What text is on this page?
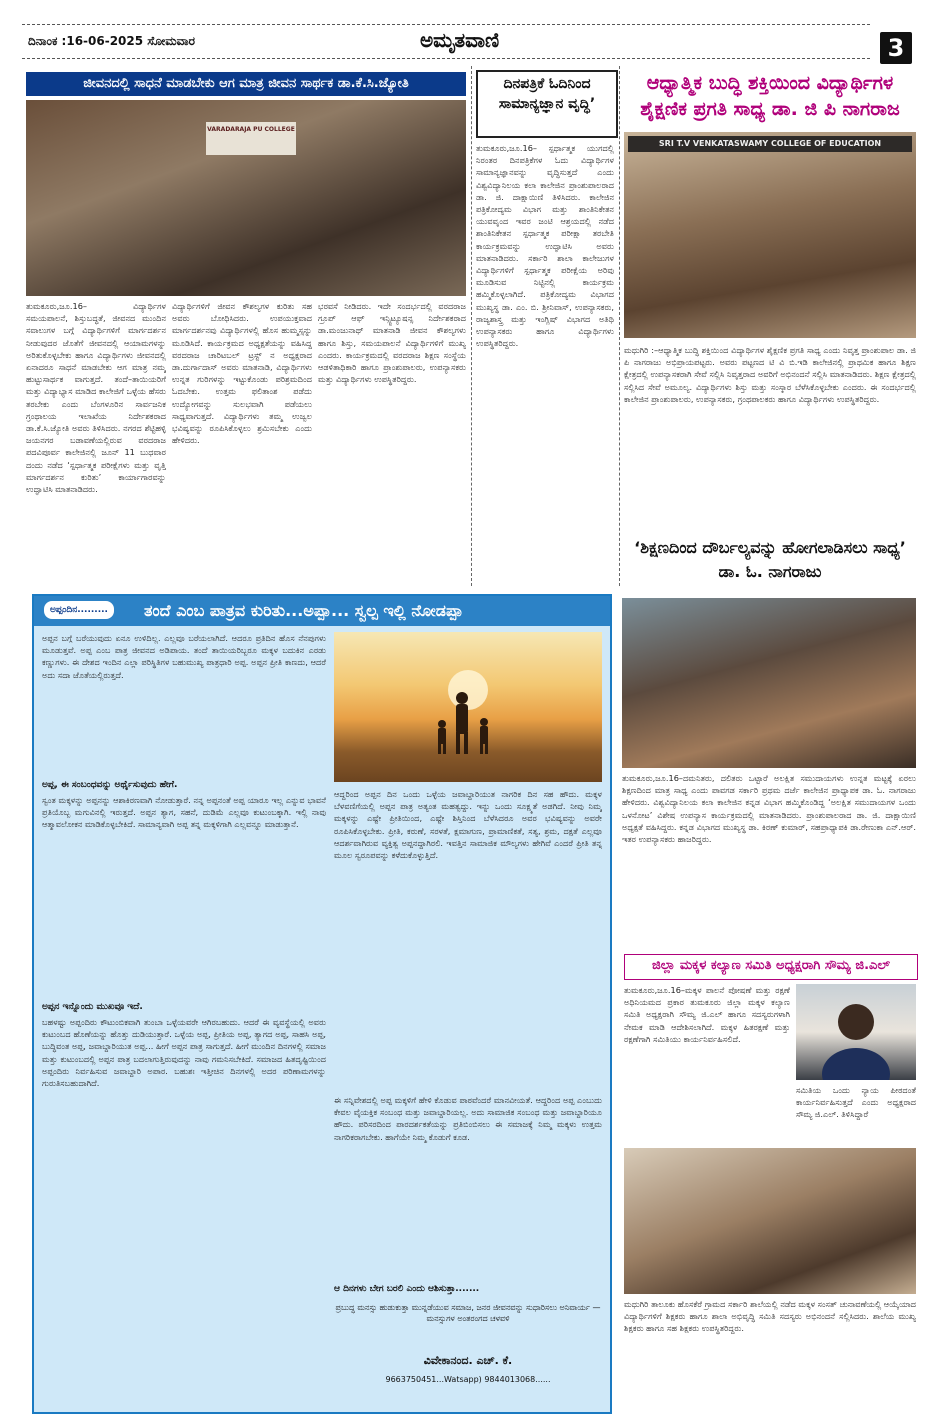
ದಿನಾಂಕ :16-06-2025 ಸೋಮವಾರ	ಅಮೃತವಾಣಿ	3
ಜೀವನದಲ್ಲಿ ಸಾಧನೆ ಮಾಡಬೇಕು ಆಗ ಮಾತ್ರ ಜೀವನ ಸಾರ್ಥಕ ಡಾ.ಕೆ.ಸಿ.ಜ್ಯೋತಿ
VARADARAJA PU COLLEGE
ತುಮಕೂರು,ಜೂ.16– ವಿದ್ಯಾರ್ಥಿಗಳ ಸಮಯಪಾಲನೆ, ಶಿಸ್ತುಬದ್ಧತೆ, ಜೀವನದ ಮುಂದಿನ ಸವಾಲುಗಳ ಬಗ್ಗೆ ವಿದ್ಯಾರ್ಥಿಗಳಿಗೆ ಮಾರ್ಗದರ್ಶನ ನೀಡುವುದರ ಜೊತೆಗೆ ಜೀವನದಲ್ಲಿ ಆಯಾಮಗಳನ್ನು ಅರಿತುಕೊಳ್ಳಬೇಕು ಹಾಗೂ ವಿದ್ಯಾರ್ಥಿಗಳು ಜೀವನದಲ್ಲಿ ಏನಾದರೂ ಸಾಧನೆ ಮಾಡಬೇಕು ಆಗ ಮಾತ್ರ ನಮ್ಮ ಹುಟ್ಟುಸಾರ್ಥಕ ವಾಗುತ್ತದೆ. ತಂದೆ–ತಾಯಿಯರಿಗೆ ಮತ್ತು ವಿದ್ಯಾಭ್ಯಾಸ ಮಾಡಿದ ಕಾಲೇಜಿಗೆ ಒಳ್ಳೆಯ ಹೆಸರು ತರಬೇಕು ಎಂದು ಬೆಂಗಳೂರಿನ ಸಾರ್ವಜನಿಕ ಗ್ರಂಥಾಲಯ ಇಲಾಖೆಯ ನಿರ್ದೇಶಕರಾದ ಡಾ.ಕೆ.ಸಿ.ಜ್ಯೋತಿ ಅವರು ತಿಳಿಸಿದರು. ನಗರದ ಶೆಟ್ಟಿಹಳ್ಳಿ ಜಯನಗರ ಬಡಾವಣೆಯಲ್ಲಿರುವ ವರದರಾಜ ಪದವಿಪೂರ್ವ ಕಾಲೇಜಿನಲ್ಲಿ ಜೂನ್ 11 ಬುಧವಾರ ದಂದು ನಡೆದ ‘ಸ್ಪರ್ಧಾತ್ಮಕ ಪರೀಕ್ಷೆಗಳು ಮತ್ತು ವೃತ್ತಿ ಮಾರ್ಗದರ್ಶನ ಕುರಿತು’ ಕಾರ್ಯಾಗಾರವನ್ನು ಉದ್ಘಾಟಿಸಿ ಮಾತನಾಡಿದರು.
ವಿದ್ಯಾರ್ಥಿಗಳಿಗೆ ಜೀವನ ಕೌಶಲ್ಯಗಳ ಕುರಿತು ಸಹ ಅವರು ಬೋಧಿಸಿದರು. ಉಪಯುಕ್ತವಾದ ಮಾರ್ಗದರ್ಶನವು ವಿದ್ಯಾರ್ಥಿಗಳಲ್ಲಿ ಹೊಸ ಹುಮ್ಮಸ್ಸನ್ನು ಮೂಡಿಸಿದೆ. ಕಾರ್ಯಕ್ರಮದ ಅಧ್ಯಕ್ಷತೆಯನ್ನು ವಹಿಸಿದ್ದ ವರದರಾಜ ಚಾರಿಟಬಲ್ ಟ್ರಸ್ಟ್ ನ ಅಧ್ಯಕ್ಷರಾದ ಡಾ.ದುರ್ಗಾದಾಸ್ ಅವರು ಮಾತನಾಡಿ, ವಿದ್ಯಾರ್ಥಿಗಳು ಉನ್ನತ ಗುರಿಗಳನ್ನು ಇಟ್ಟುಕೊಂಡು ಪರಿಶ್ರಮದಿಂದ ಓದಬೇಕು. ಉತ್ತಮ ಫಲಿತಾಂಶ ಪಡೆದು ಉದ್ಯೋಗವನ್ನು ಸುಲಭವಾಗಿ ಪಡೆಯಲು ಸಾಧ್ಯವಾಗುತ್ತದೆ. ವಿದ್ಯಾರ್ಥಿಗಳು ತಮ್ಮ ಉಜ್ವಲ ಭವಿಷ್ಯವನ್ನು ರೂಪಿಸಿಕೊಳ್ಳಲು ಶ್ರಮಿಸಬೇಕು ಎಂದು ಹೇಳಿದರು.
ಭರವಸೆ ನೀಡಿದರು. ಇದೇ ಸಂದರ್ಭದಲ್ಲಿ ವರದರಾಜ ಗ್ರೂಪ್ ಆಫ್ ಇನ್ಸ್ಟಿಟ್ಯೂಷನ್ಸ ನಿರ್ದೇಶಕರಾದ ಡಾ.ಮಂಜುನಾಥ್ ಮಾತನಾಡಿ ಜೀವನ ಕೌಶಲ್ಯಗಳು ಹಾಗೂ ಶಿಸ್ತು, ಸಮಯಪಾಲನೆ ವಿದ್ಯಾರ್ಥಿಗಳಿಗೆ ಮುಖ್ಯ ಎಂದರು. ಕಾರ್ಯಕ್ರಮದಲ್ಲಿ ವರದರಾಜ ಶಿಕ್ಷಣ ಸಂಸ್ಥೆಯ ಆಡಳಿತಾಧಿಕಾರಿ ಹಾಗೂ ಪ್ರಾಂಶುಪಾಲರು, ಉಪನ್ಯಾಸಕರು ಮತ್ತು ವಿದ್ಯಾರ್ಥಿಗಳು ಉಪಸ್ಥಿತರಿದ್ದರು.
ದಿನಪತ್ರಿಕೆ ಓದಿನಿಂದ ಸಾಮಾನ್ಯಜ್ಞಾನ ವೃದ್ಧಿ’
ತುಮಕೂರು,ಜೂ.16– ಸ್ಪರ್ಧಾತ್ಮಕ ಯುಗದಲ್ಲಿ ನಿರಂತರ ದಿನಪತ್ರಿಕೆಗಳ ಓದು ವಿದ್ಯಾರ್ಥಿಗಳ ಸಾಮಾನ್ಯಜ್ಞಾನವನ್ನು ವೃದ್ಧಿಸುತ್ತದೆ ಎಂದು ವಿಶ್ವವಿದ್ಯಾನಿಲಯ ಕಲಾ ಕಾಲೇಜಿನ ಪ್ರಾಂಶುಪಾಲರಾದ ಡಾ. ಜಿ. ದಾಕ್ಷಾಯಿಣಿ ತಿಳಿಸಿದರು. ಕಾಲೇಜಿನ ಪತ್ರಿಕೋದ್ಯಮ ವಿಭಾಗ ಮತ್ತು ಶಾಂತಿನಿಕೇತನ ಯುವವೃಂದ ಇವರ ಜಂಟಿ ಆಶ್ರಯದಲ್ಲಿ ನಡೆದ ಶಾಂತಿನಿಕೇತನ ಸ್ಪರ್ಧಾತ್ಮಕ ಪರೀಕ್ಷಾ ತರಬೇತಿ ಕಾರ್ಯಕ್ರಮವನ್ನು ಉದ್ಘಾಟಿಸಿ ಅವರು ಮಾತನಾಡಿದರು. ಸರ್ಕಾರಿ ಶಾಲಾ ಕಾಲೇಜುಗಳ ವಿದ್ಯಾರ್ಥಿಗಳಿಗೆ ಸ್ಪರ್ಧಾತ್ಮಕ ಪರೀಕ್ಷೆಯ ಅರಿವು ಮೂಡಿಸುವ ನಿಟ್ಟಿನಲ್ಲಿ ಕಾರ್ಯಕ್ರಮ ಹಮ್ಮಿಕೊಳ್ಳಲಾಗಿದೆ. ಪತ್ರಿಕೋದ್ಯಮ ವಿಭಾಗದ ಮುಖ್ಯಸ್ಥ ಡಾ. ಎಂ. ಬಿ. ಶ್ರೀನಿವಾಸ್, ಉಪನ್ಯಾಸಕರು, ರಾಜ್ಯಶಾಸ್ತ್ರ ಮತ್ತು ಇಂಗ್ಲಿಷ್ ವಿಭಾಗದ ಅತಿಥಿ ಉಪನ್ಯಾಸಕರು ಹಾಗೂ ವಿದ್ಯಾರ್ಥಿಗಳು ಉಪಸ್ಥಿತರಿದ್ದರು.
ಆಧ್ಯಾತ್ಮಿಕ ಬುದ್ಧಿ ಶಕ್ತಿಯಿಂದ ವಿದ್ಯಾರ್ಥಿಗಳ ಶೈಕ್ಷಣಿಕ ಪ್ರಗತಿ ಸಾಧ್ಯ ಡಾ. ಜಿ ಪಿ ನಾಗರಾಜ
SRI T.V VENKATASWAMY COLLEGE OF EDUCATION
ಮಧುಗಿರಿ :–ಆಧ್ಯಾತ್ಮಿಕ ಬುದ್ಧಿ ಶಕ್ತಿಯಿಂದ ವಿದ್ಯಾರ್ಥಿಗಳ ಶೈಕ್ಷಣಿಕ ಪ್ರಗತಿ ಸಾಧ್ಯ ಎಂದು ನಿವೃತ್ತ ಪ್ರಾಂಶುಪಾಲ ಡಾ. ಜಿ ಪಿ ನಾಗರಾಜು ಅಭಿಪ್ರಾಯಪಟ್ಟರು. ಅವರು ಪಟ್ಟಣದ ಟಿ ವಿ ಬಿ.ಇಡಿ ಕಾಲೇಜಿನಲ್ಲಿ ಪ್ರಾಥಮಿಕ ಹಾಗೂ ಶಿಕ್ಷಣ ಕ್ಷೇತ್ರದಲ್ಲಿ ಉಪನ್ಯಾಸಕರಾಗಿ ಸೇವೆ ಸಲ್ಲಿಸಿ ನಿವೃತ್ತರಾದ ಅವರಿಗೆ ಅಭಿನಂದನೆ ಸಲ್ಲಿಸಿ ಮಾತನಾಡಿದರು. ಶಿಕ್ಷಣ ಕ್ಷೇತ್ರದಲ್ಲಿ ಸಲ್ಲಿಸಿದ ಸೇವೆ ಅಮೂಲ್ಯ. ವಿದ್ಯಾರ್ಥಿಗಳು ಶಿಸ್ತು ಮತ್ತು ಸಂಸ್ಕಾರ ಬೆಳೆಸಿಕೊಳ್ಳಬೇಕು ಎಂದರು. ಈ ಸಂದರ್ಭದಲ್ಲಿ ಕಾಲೇಜಿನ ಪ್ರಾಂಶುಪಾಲರು, ಉಪನ್ಯಾಸಕರು, ಗ್ರಂಥಪಾಲಕರು ಹಾಗೂ ವಿದ್ಯಾರ್ಥಿಗಳು ಉಪಸ್ಥಿತರಿದ್ದರು.
‘ಶಿಕ್ಷಣದಿಂದ ದೌರ್ಬಲ್ಯವನ್ನು ಹೋಗಲಾಡಿಸಲು ಸಾಧ್ಯ’ ಡಾ. ಓ. ನಾಗರಾಜು
ಅಪ್ಪಂದಿನ.........	ತಂದೆ ಎಂಬ ಪಾತ್ರವ ಕುರಿತು...ಅಪ್ಪಾ... ಸ್ವಲ್ಪ ಇಲ್ಲಿ ನೋಡಪ್ಪಾ
ಅಪ್ಪನ ಬಗ್ಗೆ ಬರೆಯುವುದು ಏನೂ ಉಳಿದಿಲ್ಲ. ಎಲ್ಲವೂ ಬರೆಯಲಾಗಿದೆ. ಆದರೂ ಪ್ರತಿದಿನ ಹೊಸ ನೆನಪುಗಳು ಮೂಡುತ್ತವೆ. ಅಪ್ಪ ಎಂಬ ಪಾತ್ರ ಜೀವನದ ಅಡಿಪಾಯ. ತಂದೆ ತಾಯಿಯರಿಬ್ಬರೂ ಮಕ್ಕಳ ಬದುಕಿನ ಎರಡು ಕಣ್ಣುಗಳು. ಈ ದೇಶದ ಇಂದಿನ ಎಲ್ಲಾ ಪರಿಸ್ಥಿತಿಗಳ ಬಹುಮುಖ್ಯ ಪಾತ್ರಧಾರಿ ಅಪ್ಪ. ಅಪ್ಪನ ಪ್ರೀತಿ ಕಾಣದು, ಆದರೆ ಅದು ಸದಾ ಜೊತೆಯಲ್ಲಿರುತ್ತದೆ.
ಅಪ್ಪ, ಈ ಸಂಬಂಧವನ್ನು ಅರ್ಥೈಸುವುದು ಹೇಗೆ.
ಸ್ವಂತ ಮಕ್ಕಳನ್ನು ಅಪ್ಪನನ್ನು ಆಶಾಕಿರಣವಾಗಿ ನೋಡುತ್ತಾರೆ. ನನ್ನ ಅಪ್ಪನಂತೆ ಅಪ್ಪ ಯಾರೂ ಇಲ್ಲ ಎನ್ನುವ ಭಾವನೆ ಪ್ರತಿಯೊಬ್ಬ ಮಗುವಿನಲ್ಲಿ ಇರುತ್ತದೆ. ಅಪ್ಪನ ತ್ಯಾಗ, ಸಹನೆ, ದುಡಿಮೆ ಎಲ್ಲವೂ ಕುಟುಂಬಕ್ಕಾಗಿ. ಇಲ್ಲಿ ನಾವು ಆತ್ಮಾವಲೋಕನ ಮಾಡಿಕೊಳ್ಳಬೇಕಿದೆ. ಸಾಮಾನ್ಯವಾಗಿ ಅಪ್ಪ ತನ್ನ ಮಕ್ಕಳಿಗಾಗಿ ಎಲ್ಲವನ್ನೂ ಮಾಡುತ್ತಾನೆ.
ಅಪ್ಪನ ಇನ್ನೊಂದು ಮುಖವೂ ಇದೆ.
ಬಹಳಷ್ಟು ಅಪ್ಪಂದಿರು ಕೌಟುಂಬಿಕವಾಗಿ ತುಂಬಾ ಒಳ್ಳೆಯವರೇ ಆಗಿರಬಹುದು. ಆದರೆ ಈ ವ್ಯವಸ್ಥೆಯಲ್ಲಿ ಅವರು ಕುಟುಂಬದ ಹೊಣೆಯನ್ನು ಹೊತ್ತು ದುಡಿಯುತ್ತಾರೆ. ಒಳ್ಳೆಯ ಅಪ್ಪ, ಪ್ರೀತಿಯ ಅಪ್ಪ, ತ್ಯಾಗದ ಅಪ್ಪ, ಸಾಹಸಿ ಅಪ್ಪ, ಬುದ್ಧಿವಂತ ಅಪ್ಪ, ಜವಾಬ್ದಾರಿಯುತ ಅಪ್ಪ... ಹೀಗೆ ಅಪ್ಪನ ಪಾತ್ರ ಸಾಗುತ್ತದೆ. ಹೀಗೆ ಮುಂದಿನ ದಿನಗಳಲ್ಲಿ ಸಮಾಜ ಮತ್ತು ಕುಟುಂಬದಲ್ಲಿ ಅಪ್ಪನ ಪಾತ್ರ ಬದಲಾಗುತ್ತಿರುವುದನ್ನು ನಾವು ಗಮನಿಸಬೇಕಿದೆ. ಸಮಾಜದ ಹಿತದೃಷ್ಟಿಯಿಂದ ಅಪ್ಪಂದಿರು ನಿರ್ವಹಿಸುವ ಜವಾಬ್ದಾರಿ ಅಪಾರ. ಬಹುಶಃ ಇತ್ತೀಚಿನ ದಿನಗಳಲ್ಲಿ ಅದರ ಪರಿಣಾಮಗಳನ್ನು ಗುರುತಿಸಬಹುದಾಗಿದೆ.
ಆದ್ದರಿಂದ ಅಪ್ಪನ ದಿನ ಒಂದು ಒಳ್ಳೆಯ ಜವಾಬ್ದಾರಿಯುತ ನಾಗರಿಕ ದಿನ ಸಹ ಹೌದು. ಮಕ್ಕಳ ಬೆಳವಣಿಗೆಯಲ್ಲಿ ಅಪ್ಪನ ಪಾತ್ರ ಅತ್ಯಂತ ಮಹತ್ವದ್ದು. ಇನ್ನು ಒಂದು ಸೂಕ್ಷ್ಮತೆ ಅಡಗಿದೆ. ನೀವು ನಿಮ್ಮ ಮಕ್ಕಳನ್ನು ಎಷ್ಟೇ ಪ್ರೀತಿಯಿಂದ, ಎಷ್ಟೇ ಶಿಸ್ತಿನಿಂದ ಬೆಳೆಸಿದರೂ ಅವರ ಭವಿಷ್ಯವನ್ನು ಅವರೇ ರೂಪಿಸಿಕೊಳ್ಳಬೇಕು. ಪ್ರೀತಿ, ಕರುಣೆ, ಸರಳತೆ, ಕ್ಷಮಾಗುಣ, ಪ್ರಾಮಾಣಿಕತೆ, ಸತ್ಯ, ಶ್ರಮ, ದಕ್ಷತೆ ಎಲ್ಲವೂ ಆದರ್ಶವಾಗಿರುವ ವ್ಯಕ್ತಿತ್ವ ಅಪ್ಪನದ್ದಾಗಿರಲಿ. ಇವತ್ತಿನ ಸಾಮಾಜಿಕ ಮೌಲ್ಯಗಳು ಹೇಗಿವೆ ಎಂದರೆ ಪ್ರೀತಿ ತನ್ನ ಮೂಲ ಸ್ವರೂಪವನ್ನು ಕಳೆದುಕೊಳ್ಳುತ್ತಿದೆ.
ಈ ಸನ್ನಿವೇಶದಲ್ಲಿ ಅಪ್ಪ ಮಕ್ಕಳಿಗೆ ಹೇಳಿ ಕೊಡುವ ಪಾಠವೆಂದರೆ ಮಾನವೀಯತೆ. ಆದ್ದರಿಂದ ಅಪ್ಪ ಎಂಬುದು ಕೇವಲ ವೈಯಕ್ತಿಕ ಸಂಬಂಧ ಮತ್ತು ಜವಾಬ್ದಾರಿಯಲ್ಲ. ಅದು ಸಾಮಾಜಿಕ ಸಂಬಂಧ ಮತ್ತು ಜವಾಬ್ದಾರಿಯೂ ಹೌದು. ಪರಿಸರದಿಂದ ಪಾರದರ್ಶಕತೆಯನ್ನು ಪ್ರತಿಬಿಂಬಿಸಲು ಈ ಸಮಾಜಕ್ಕೆ ನಿಮ್ಮ ಮಕ್ಕಳು ಉತ್ತಮ ನಾಗರಿಕರಾಗಬೇಕು. ಹಾಗೆಯೇ ನಿಮ್ಮ ಕೊಡುಗೆ ಕೂಡ.
ಆ ದಿನಗಳು ಬೇಗ ಬರಲಿ ಎಂದು ಆಶಿಸುತ್ತಾ.......
ಪ್ರಬುದ್ಧ ಮನಸ್ಸು ಹುಡುಕುತ್ತಾ ಮುನ್ನಡೆಯುವ ಸಮಾಜ, ಜನರ ಜೀವನವನ್ನು ಸುಧಾರಿಸಲು ಅನಿವಾರ್ಯ — ಮನಸ್ಸುಗಳ ಅಂತರಂಗದ ಚಳವಳಿ
ವಿವೇಕಾನಂದ. ಎಚ್. ಕೆ.
9663750451...Watsapp) 9844013068......
ತುಮಕೂರು,ಜೂ.16–ದಮನಿತರು, ದಲಿತರು ಒಟ್ಟಾರೆ ಅಲಕ್ಷಿತ ಸಮುದಾಯಗಳು ಉನ್ನತ ಮಟ್ಟಕ್ಕೆ ಏರಲು ಶಿಕ್ಷಣದಿಂದ ಮಾತ್ರ ಸಾಧ್ಯ ಎಂದು ಪಾವಗಡ ಸರ್ಕಾರಿ ಪ್ರಥಮ ದರ್ಜೆ ಕಾಲೇಜಿನ ಪ್ರಾಧ್ಯಾಪಕ ಡಾ. ಓ. ನಾಗರಾಜು ಹೇಳಿದರು. ವಿಶ್ವವಿದ್ಯಾನಿಲಯ ಕಲಾ ಕಾಲೇಜಿನ ಕನ್ನಡ ವಿಭಾಗ ಹಮ್ಮಿಕೊಂಡಿದ್ದ ‘ಅಲಕ್ಷಿತ ಸಮುದಾಯಗಳ ಒಂದು ಒಳನೋಟ’ ವಿಶೇಷ ಉಪನ್ಯಾಸ ಕಾರ್ಯಕ್ರಮದಲ್ಲಿ ಮಾತನಾಡಿದರು. ಪ್ರಾಂಶುಪಾಲರಾದ ಡಾ. ಜಿ. ದಾಕ್ಷಾಯಿಣಿ ಅಧ್ಯಕ್ಷತೆ ವಹಿಸಿದ್ದರು. ಕನ್ನಡ ವಿಭಾಗದ ಮುಖ್ಯಸ್ಥ ಡಾ. ಕಿರಣ್ ಕುಮಾರ್, ಸಹಪ್ರಾಧ್ಯಾಪಕಿ ಡಾ.ರೇಣುಕಾ ಎನ್.ಆರ್. ಇತರ ಉಪನ್ಯಾಸಕರು ಹಾಜರಿದ್ದರು.
ಜಿಲ್ಲಾ ಮಕ್ಕಳ ಕಲ್ಯಾಣ ಸಮಿತಿ ಅಧ್ಯಕ್ಷರಾಗಿ ಸೌಮ್ಯ ಜಿ.ಎಲ್
ತುಮಕೂರು,ಜೂ.16–ಮಕ್ಕಳ ಪಾಲನೆ ಪೋಷಣೆ ಮತ್ತು ರಕ್ಷಣೆ ಅಧಿನಿಯಮದ ಪ್ರಕಾರ ತುಮಕೂರು ಜಿಲ್ಲಾ ಮಕ್ಕಳ ಕಲ್ಯಾಣ ಸಮಿತಿ ಅಧ್ಯಕ್ಷರಾಗಿ ಸೌಮ್ಯ ಜಿ.ಎಲ್ ಹಾಗೂ ಸದಸ್ಯರುಗಳಾಗಿ ನೇಮಕ ಮಾಡಿ ಆದೇಶಿಸಲಾಗಿದೆ. ಮಕ್ಕಳ ಹಿತರಕ್ಷಣೆ ಮತ್ತು ರಕ್ಷಣೆಗಾಗಿ ಸಮಿತಿಯು ಕಾರ್ಯನಿರ್ವಹಿಸಲಿದೆ.
ಸಮಿತಿಯ ಒಂದು ನ್ಯಾಯ ಪೀಠದಂತೆ ಕಾರ್ಯನಿರ್ವಹಿಸುತ್ತದೆ ಎಂದು ಅಧ್ಯಕ್ಷರಾದ ಸೌಮ್ಯ ಜಿ.ಎಲ್. ತಿಳಿಸಿದ್ದಾರೆ
ಮಧುಗಿರಿ ತಾಲೂಕು ಹೊಸಕೆರೆ ಗ್ರಾಮದ ಸರ್ಕಾರಿ ಶಾಲೆಯಲ್ಲಿ ನಡೆದ ಮಕ್ಕಳ ಸಂಸತ್ ಚುನಾವಣೆಯಲ್ಲಿ ಆಯ್ಕೆಯಾದ ವಿದ್ಯಾರ್ಥಿಗಳಿಗೆ ಶಿಕ್ಷಕರು ಹಾಗೂ ಶಾಲಾ ಅಭಿವೃದ್ಧಿ ಸಮಿತಿ ಸದಸ್ಯರು ಅಭಿನಂದನೆ ಸಲ್ಲಿಸಿದರು. ಶಾಲೆಯ ಮುಖ್ಯ ಶಿಕ್ಷಕರು ಹಾಗೂ ಸಹ ಶಿಕ್ಷಕರು ಉಪಸ್ಥಿತರಿದ್ದರು.
